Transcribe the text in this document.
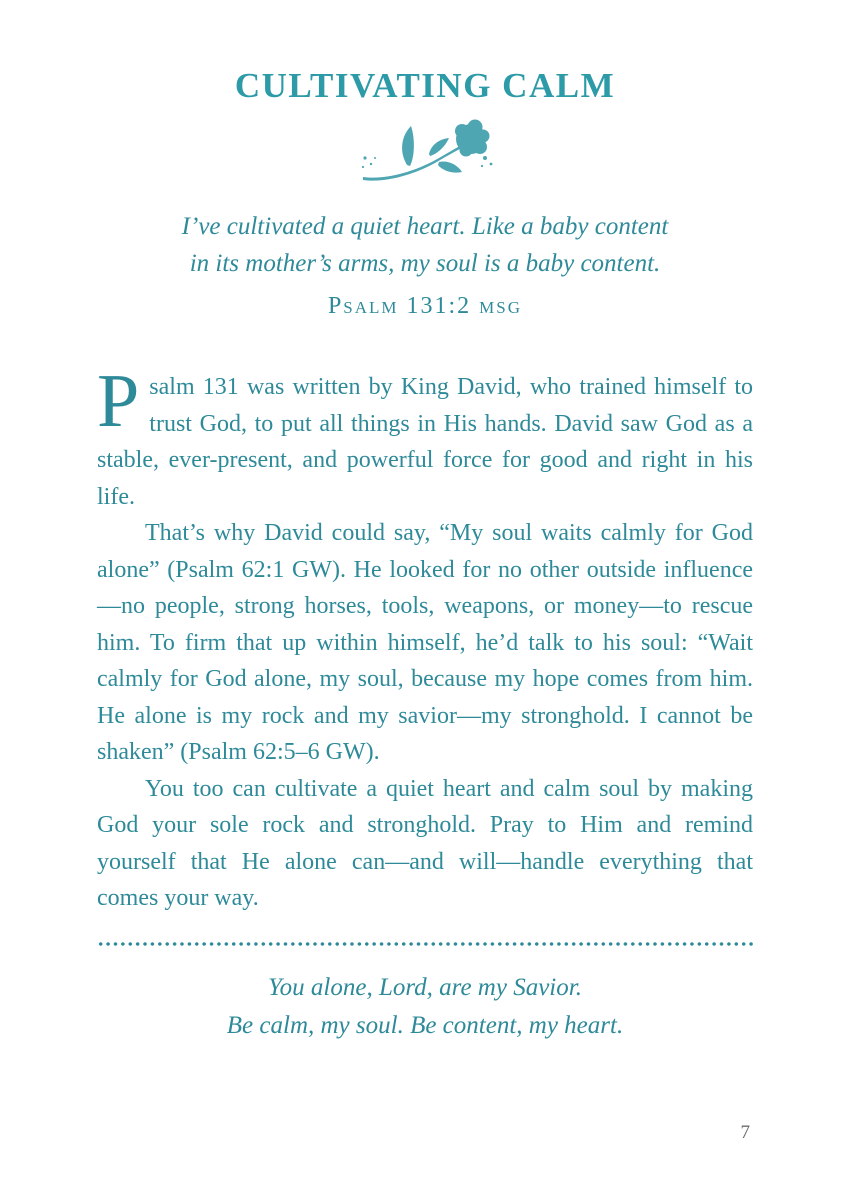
CULTIVATING CALM
I’ve cultivated a quiet heart. Like a baby content
in its mother’s arms, my soul is a baby content.
Psalm 131:2 msg

Psalm 131 was written by King David, who trained himself to trust God, to put all things in His hands. David saw God as a stable, ever-present, and powerful force for good and right in his life.

That’s why David could say, “My soul waits calmly for God alone” (Psalm 62:1 GW). He looked for no other outside influence—no people, strong horses, tools, weapons, or money—to rescue him. To firm that up within himself, he’d talk to his soul: “Wait calmly for God alone, my soul, because my hope comes from him. He alone is my rock and my savior—my stronghold. I cannot be shaken” (Psalm 62:5–6 GW).

You too can cultivate a quiet heart and calm soul by making God your sole rock and stronghold. Pray to Him and remind yourself that He alone can—and will—handle everything that comes your way.

You alone, Lord, are my Savior.
Be calm, my soul. Be content, my heart.
7
